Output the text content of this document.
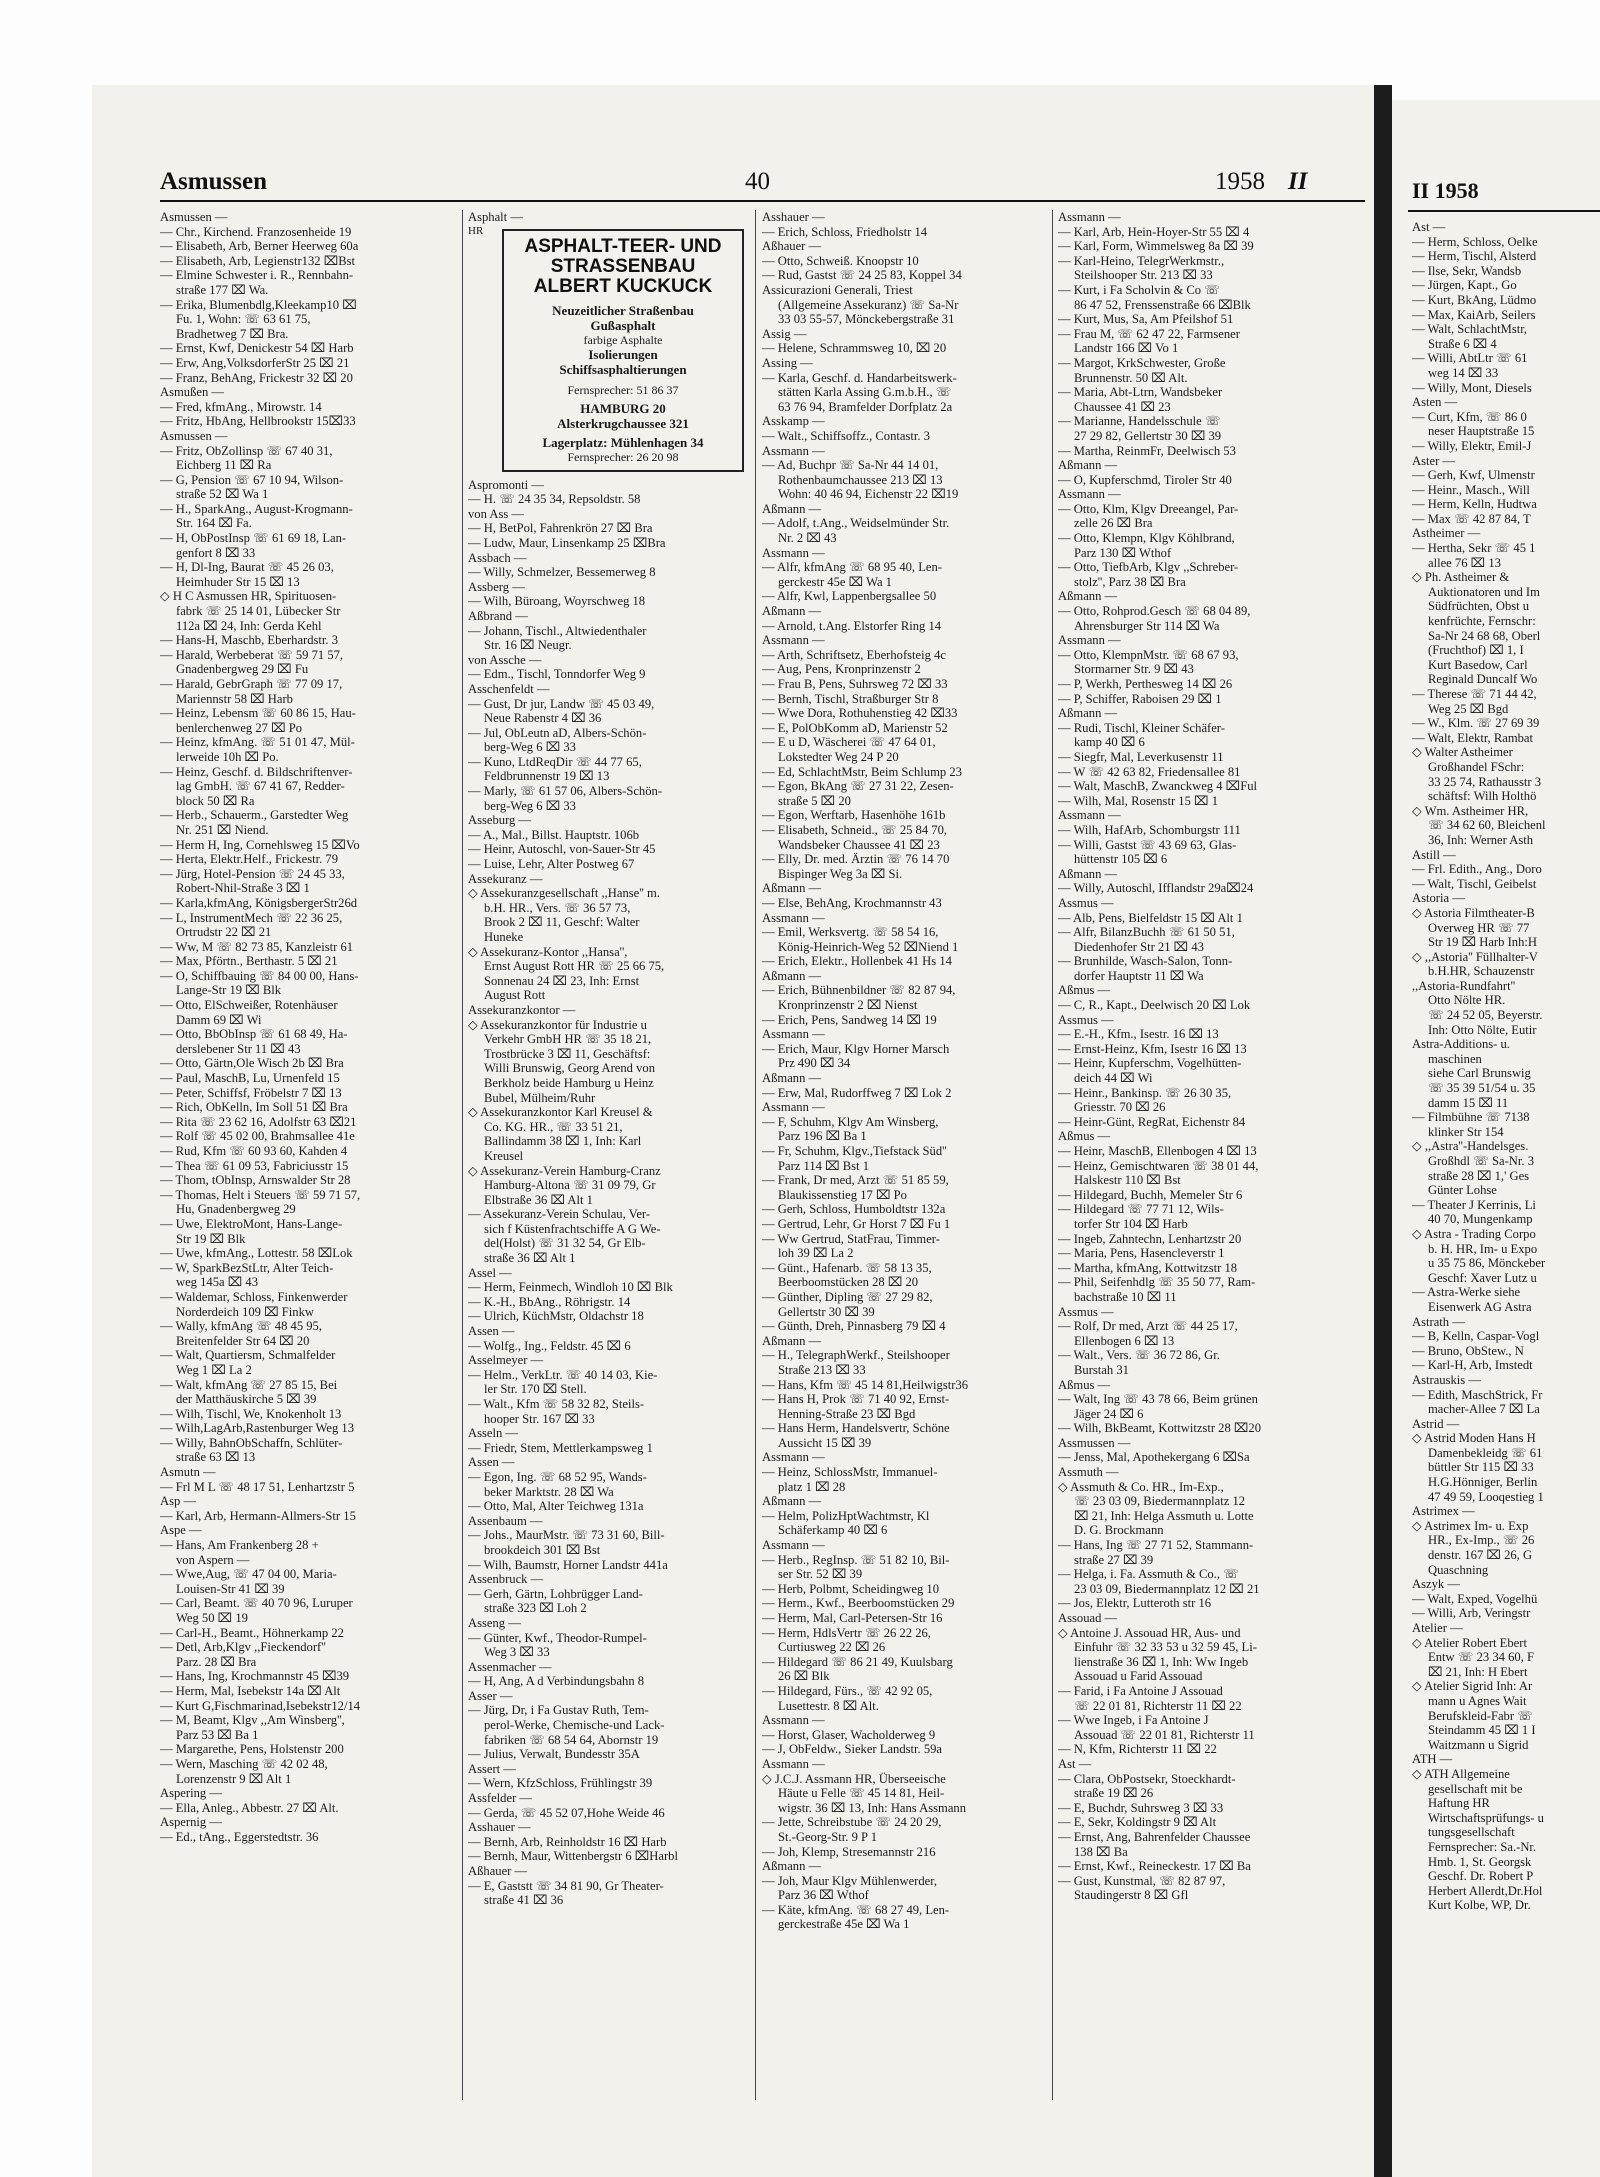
II 1958
Ast —
— Herm, Schloss, Oelke
— Herm, Tischl, Alsterd
— Ilse, Sekr, Wandsb
— Jürgen, Kapt., Go
— Kurt, BkAng, Lüdmo
— Max, KaiArb, Seilers
— Walt, SchlachtMstr,
Straße 6 ⌧ 4
— Willi, AbtLtr ☏ 61
weg 14 ⌧ 33
— Willy, Mont, Diesels
Asten —
— Curt, Kfm, ☏ 86 0
neser Hauptstraße 15
— Willy, Elektr, Emil-J
Aster —
— Gerh, Kwf, Ulmenstr
— Heinr., Masch., Will
— Herm, Kelln, Hudtwa
— Max ☏ 42 87 84, T
Astheimer —
— Hertha, Sekr ☏ 45 1
allee 76 ⌧ 13
◇ Ph. Astheimer &
Auktionatoren und Im
Südfrüchten, Obst u
kenfrüchte, Fernschr:
Sa-Nr 24 68 68, Oberl
(Fruchthof) ⌧ 1, I
Kurt Basedow, Carl
Reginald Duncalf Wo
— Therese ☏ 71 44 42,
Weg 25 ⌧ Bgd
— W., Klm. ☏ 27 69 39
— Walt, Elektr, Rambat
◇ Walter Astheimer
Großhandel FSchr:
33 25 74, Rathausstr 3
schäftsf: Wilh Holthö
◇ Wm. Astheimer HR,
☏ 34 62 60, Bleichenl
36, Inh: Werner Asth
Astill —
— Frl. Edith., Ang., Doro
— Walt, Tischl, Geibelst
Astoria —
◇ Astoria Filmtheater-B
Overweg HR ☏ 77
Str 19 ⌧ Harb Inh:H
◇ ,,Astoria'' Füllhalter-V
b.H.HR, Schauzenstr
,,Astoria-Rundfahrt''
Otto Nölte HR.
☏ 24 52 05, Beyerstr.
Inh: Otto Nölte, Eutir
Astra-Additions- u.
maschinen
siehe Carl Brunswig
☏ 35 39 51/54 u. 35
damm 15 ⌧ 11
— Filmbühne ☏ 7138
klinker Str 154
◇ ,,Astra''-Handelsges.
Großhdl ☏ Sa-Nr. 3
straße 28 ⌧ 1,' Ges
Günter Lohse
— Theater J Kerrinis, Li
40 70, Mungenkamp
◇ Astra - Trading Corpo
b. H. HR, Im- u Expo
u 35 75 86, Mönckeber
Geschf: Xaver Lutz u
— Astra-Werke siehe
Eisenwerk AG Astra
Astrath —
— B, Kelln, Caspar-Vogl
— Bruno, ObStew., N
— Karl-H, Arb, Imstedt
Astrauskis —
— Edith, MaschStrick, Fr
macher-Allee 7 ⌧ La
Astrid —
◇ Astrid Moden Hans H
Damenbekleidg ☏ 61
büttler Str 115 ⌧ 33
H.G.Hönniger, Berlin
47 49 59, Looqestieg 1
Astrimex —
◇ Astrimex Im- u. Exp
HR., Ex-Imp., ☏ 26
denstr. 167 ⌧ 26, G
Quaschning
Aszyk —
— Walt, Exped, Vogelhü
— Willi, Arb, Veringstr
Atelier —
◇ Atelier Robert Ebert
Entw ☏ 23 34 60, F
⌧ 21, Inh: H Ebert
◇ Atelier Sigrid Inh: Ar
mann u Agnes Wait
Berufskleid-Fabr ☏
Steindamm 45 ⌧ 1 I
Waitzmann u Sigrid
ATH —
◇ ATH Allgemeine
gesellschaft mit be
Haftung HR
Wirtschaftsprüfungs- u
tungsgesellschaft
Fernsprecher: Sa.-Nr.
Hmb. 1, St. Georgsk
Geschf. Dr. Robert P
Herbert Allerdt,Dr.Hol
Kurt Kolbe, WP, Dr.
Asmussen	40	1958 II
Asmussen —
— Chr., Kirchend. Franzosenheide 19
— Elisabeth, Arb, Berner Heerweg 60a
— Elisabeth, Arb, Legienstr132 ⌧Bst
— Elmine Schwester i. R., Rennbahn-
straße 177 ⌧ Wa.
— Erika, Blumenbdlg,Kleekamp10 ⌧
Fu. 1, Wohn: ☏ 63 61 75,
Bradhetweg 7 ⌧ Bra.
— Ernst, Kwf, Denickestr 54 ⌧ Harb
— Erw, Ang,VolksdorferStr 25 ⌧ 21
— Franz, BehAng, Frickestr 32 ⌧ 20
Asmußen —
— Fred, kfmAng., Mirowstr. 14
— Fritz, HbAng, Hellbrookstr 15⌧33
Asmussen —
— Fritz, ObZollinsp ☏ 67 40 31,
Eichberg 11 ⌧ Ra
— G, Pension ☏ 67 10 94, Wilson-
straße 52 ⌧ Wa 1
— H., SparkAng., August-Krogmann-
Str. 164 ⌧ Fa.
— H, ObPostInsp ☏ 61 69 18, Lan-
genfort 8 ⌧ 33
— H, Dl-Ing, Baurat ☏ 45 26 03,
Heimhuder Str 15 ⌧ 13
◇ H C Asmussen HR, Spirituosen-
fabrk ☏ 25 14 01, Lübecker Str
112a ⌧ 24, Inh: Gerda Kehl
— Hans-H, Maschb, Eberhardstr. 3
— Harald, Werbeberat ☏ 59 71 57,
Gnadenbergweg 29 ⌧ Fu
— Harald, GebrGraph ☏ 77 09 17,
Mariennstr 58 ⌧ Harb
— Heinz, Lebensm ☏ 60 86 15, Hau-
benlerchenweg 27 ⌧ Po
— Heinz, kfmAng. ☏ 51 01 47, Mül-
lerweide 10h ⌧ Po.
— Heinz, Geschf. d. Bildschriftenver-
lag GmbH. ☏ 67 41 67, Redder-
block 50 ⌧ Ra
— Herb., Schauerm., Garstedter Weg
Nr. 251 ⌧ Niend.
— Herm H, Ing, Cornehlsweg 15 ⌧Vo
— Herta, Elektr.Helf., Frickestr. 79
— Jürg, Hotel-Pension ☏ 24 45 33,
Robert-Nhil-Straße 3 ⌧ 1
— Karla,kfmAng, KönigsbergerStr26d
— L, InstrumentMech ☏ 22 36 25,
Ortrudstr 22 ⌧ 21
— Ww, M ☏ 82 73 85, Kanzleistr 61
— Max, Pförtn., Berthastr. 5 ⌧ 21
— O, Schiffbauing ☏ 84 00 00, Hans-
Lange-Str 19 ⌧ Blk
— Otto, ElSchweißer, Rotenhäuser
Damm 69 ⌧ Wi
— Otto, BbObInsp ☏ 61 68 49, Ha-
derslebener Str 11 ⌧ 43
— Otto, Gärtn,Ole Wisch 2b ⌧ Bra
— Paul, MaschB, Lu, Urnenfeld 15
— Peter, Schiffsf, Fröbelstr 7 ⌧ 13
— Rich, ObKelln, Im Soll 51 ⌧ Bra
— Rita ☏ 23 62 16, Adolfstr 63 ⌧21
— Rolf ☏ 45 02 00, Brahmsallee 41e
— Rud, Kfm ☏ 60 93 60, Kahden 4
— Thea ☏ 61 09 53, Fabriciusstr 15
— Thom, tObInsp, Arnswalder Str 28
— Thomas, Helt i Steuers ☏ 59 71 57,
Hu, Gnadenbergweg 29
— Uwe, ElektroMont, Hans-Lange-
Str 19 ⌧ Blk
— Uwe, kfmAng., Lottestr. 58 ⌧Lok
— W, SparkBezStLtr, Alter Teich-
weg 145a ⌧ 43
— Waldemar, Schloss, Finkenwerder
Norderdeich 109 ⌧ Finkw
— Wally, kfmAng ☏ 48 45 95,
Breitenfelder Str 64 ⌧ 20
— Walt, Quartiersm, Schmalfelder
Weg 1 ⌧ La 2
— Walt, kfmAng ☏ 27 85 15, Bei
der Matthäuskirche 5 ⌧ 39
— Wilh, Tischl, We, Knokenholt 13
— Wilh,LagArb,Rastenburger Weg 13
— Willy, BahnObSchaffn, Schlüter-
straße 63 ⌧ 13
Asmutn —
— Frl M L ☏ 48 17 51, Lenhartzstr 5
Asp —
— Karl, Arb, Hermann-Allmers-Str 15
Aspe —
— Hans, Am Frankenberg 28 +
von Aspern —
— Wwe,Aug, ☏ 47 04 00, Maria-
Louisen-Str 41 ⌧ 39
— Carl, Beamt. ☏ 40 70 96, Luruper
Weg 50 ⌧ 19
— Carl-H., Beamt., Höhnerkamp 22
— Detl, Arb,Klgv ,,Fieckendorf''
Parz. 28 ⌧ Bra
— Hans, Ing, Krochmannstr 45 ⌧39
— Herm, Mal, Isebekstr 14a ⌧ Alt
— Kurt G,Fischmarinad,Isebekstr12/14
— M, Beamt, Klgv ,,Am Winsberg'',
Parz 53 ⌧ Ba 1
— Margarethe, Pens, Holstenstr 200
— Wern, Masching ☏ 42 02 48,
Lorenzenstr 9 ⌧ Alt 1
Aspering —
— Ella, Anleg., Abbestr. 27 ⌧ Alt.
Aspernig —
— Ed., tAng., Eggerstedtstr. 36
Asphalt —
HR
ASPHALT-TEER- UND
STRASSENBAU
ALBERT KUCKUCK
Neuzeitlicher Straßenbau
Gußasphalt
farbige Asphalte
Isolierungen
Schiffsasphaltierungen
Fernsprecher: 51 86 37
HAMBURG 20
Alsterkrugchaussee 321
Lagerplatz: Mühlenhagen 34
Fernsprecher: 26 20 98
Aspromonti —
— H. ☏ 24 35 34, Repsoldstr. 58
von Ass —
— H, BetPol, Fahrenkrön 27 ⌧ Bra
— Ludw, Maur, Linsenkamp 25 ⌧Bra
Assbach —
— Willy, Schmelzer, Bessemerweg 8
Assberg —
— Wilh, Büroang, Woyrschweg 18
Aßbrand —
— Johann, Tischl., Altwiedenthaler
Str. 16 ⌧ Neugr.
von Assche —
— Edm., Tischl, Tonndorfer Weg 9
Asschenfeldt —
— Gust, Dr jur, Landw ☏ 45 03 49,
Neue Rabenstr 4 ⌧ 36
— Jul, ObLeutn aD, Albers-Schön-
berg-Weg 6 ⌧ 33
— Kuno, LtdReqDir ☏ 44 77 65,
Feldbrunnenstr 19 ⌧ 13
— Marly, ☏ 61 57 06, Albers-Schön-
berg-Weg 6 ⌧ 33
Asseburg —
— A., Mal., Billst. Hauptstr. 106b
— Heinr, Autoschl, von-Sauer-Str 45
— Luise, Lehr, Alter Postweg 67
Assekuranz —
◇ Assekuranzgesellschaft ,,Hanse'' m.
b.H. HR., Vers. ☏ 36 57 73,
Brook 2 ⌧ 11, Geschf: Walter
Huneke
◇ Assekuranz-Kontor ,,Hansa'',
Ernst August Rott HR ☏ 25 66 75,
Sonnenau 24 ⌧ 23, Inh: Ernst
August Rott
Assekuranzkontor —
◇ Assekuranzkontor für Industrie u
Verkehr GmbH HR ☏ 35 18 21,
Trostbrücke 3 ⌧ 11, Geschäftsf:
Willi Brunswig, Georg Arend von
Berkholz beide Hamburg u Heinz
Bubel, Mülheim/Ruhr
◇ Assekuranzkontor Karl Kreusel &
Co. KG. HR., ☏ 33 51 21,
Ballindamm 38 ⌧ 1, Inh: Karl
Kreusel
◇ Assekuranz-Verein Hamburg-Cranz
Hamburg-Altona ☏ 31 09 79, Gr
Elbstraße 36 ⌧ Alt 1
— Assekuranz-Verein Schulau, Ver-
sich f Küstenfrachtschiffe A G We-
del(Holst) ☏ 31 32 54, Gr Elb-
straße 36 ⌧ Alt 1
Assel —
— Herm, Feinmech, Windloh 10 ⌧ Blk
— K.-H., BbAng., Röhrigstr. 14
— Ulrich, KüchMstr, Oldachstr 18
Assen —
— Wolfg., Ing., Feldstr. 45 ⌧ 6
Asselmeyer —
— Helm., VerkLtr. ☏ 40 14 03, Kie-
ler Str. 170 ⌧ Stell.
— Walt., Kfm ☏ 58 32 82, Steils-
hooper Str. 167 ⌧ 33
Asseln —
— Friedr, Stem, Mettlerkampsweg 1
Assen —
— Egon, Ing. ☏ 68 52 95, Wands-
beker Marktstr. 28 ⌧ Wa
— Otto, Mal, Alter Teichweg 131a
Assenbaum —
— Johs., MaurMstr. ☏ 73 31 60, Bill-
brookdeich 301 ⌧ Bst
— Wilh, Baumstr, Horner Landstr 441a
Assenbruck —
— Gerh, Gärtn, Lohbrügger Land-
straße 323 ⌧ Loh 2
Asseng —
— Günter, Kwf., Theodor-Rumpel-
Weg 3 ⌧ 33
Assenmacher —
— H, Ang, A d Verbindungsbahn 8
Asser —
— Jürg, Dr, i Fa Gustav Ruth, Tem-
perol-Werke, Chemische-und Lack-
fabriken ☏ 68 54 64, Abornstr 19
— Julius, Verwalt, Bundesstr 35A
Assert —
— Wern, KfzSchloss, Frühlingstr 39
Assfelder —
— Gerda, ☏ 45 52 07,Hohe Weide 46
Asshauer —
— Bernh, Arb, Reinholdstr 16 ⌧ Harb
— Bernh, Maur, Wittenbergstr 6 ⌧Harbl
Aßhauer —
— E, Gaststt ☏ 34 81 90, Gr Theater-
straße 41 ⌧ 36
Asshauer —
— Erich, Schloss, Friedholstr 14
Aßhauer —
— Otto, Schweiß. Knoopstr 10
— Rud, Gastst ☏ 24 25 83, Koppel 34
Assicurazioni Generali, Triest
(Allgemeine Assekuranz) ☏ Sa-Nr
33 03 55-57, Mönckebergstraße 31
Assig —
— Helene, Schrammsweg 10, ⌧ 20
Assing —
— Karla, Geschf. d. Handarbeitswerk-
stätten Karla Assing G.m.b.H., ☏
63 76 94, Bramfelder Dorfplatz 2a
Asskamp —
— Walt., Schiffsoffz., Contastr. 3
Assmann —
— Ad, Buchpr ☏ Sa-Nr 44 14 01,
Rothenbaumchaussee 213 ⌧ 13
Wohn: 40 46 94, Eichenstr 22 ⌧19
Aßmann —
— Adolf, t.Ang., Weidselmünder Str.
Nr. 2 ⌧ 43
Assmann —
— Alfr, kfmAng ☏ 68 95 40, Len-
gerckestr 45e ⌧ Wa 1
— Alfr, Kwl, Lappenbergsallee 50
Aßmann —
— Arnold, t.Ang. Elstorfer Ring 14
Assmann —
— Arth, Schriftsetz, Eberhofsteig 4c
— Aug, Pens, Kronprinzenstr 2
— Frau B, Pens, Suhrsweg 72 ⌧ 33
— Bernh, Tischl, Straßburger Str 8
— Wwe Dora, Rothuhenstieg 42 ⌧33
— E, PolObKomm aD, Marienstr 52
— E u D, Wäscherei ☏ 47 64 01,
Lokstedter Weg 24 P 20
— Ed, SchlachtMstr, Beim Schlump 23
— Egon, BkAng ☏ 27 31 22, Zesen-
straße 5 ⌧ 20
— Egon, Werftarb, Hasenhöhe 161b
— Elisabeth, Schneid., ☏ 25 84 70,
Wandsbeker Chaussee 41 ⌧ 23
— Elly, Dr. med. Ärztin ☏ 76 14 70
Bispinger Weg 3a ⌧ Si.
Aßmann —
— Else, BehAng, Krochmannstr 43
Assmann —
— Emil, Werksvertg. ☏ 58 54 16,
König-Heinrich-Weg 52 ⌧Niend 1
— Erich, Elektr., Hollenbek 41 Hs 14
Aßmann —
— Erich, Bühnenbildner ☏ 82 87 94,
Kronprinzenstr 2 ⌧ Nienst
— Erich, Pens, Sandweg 14 ⌧ 19
Assmann —
— Erich, Maur, Klgv Horner Marsch
Prz 490 ⌧ 34
Aßmann —
— Erw, Mal, Rudorffweg 7 ⌧ Lok 2
Assmann —
— F, Schuhm, Klgv Am Winsberg,
Parz 196 ⌧ Ba 1
— Fr, Schuhm, Klgv.,Tiefstack Süd''
Parz 114 ⌧ Bst 1
— Frank, Dr med, Arzt ☏ 51 85 59,
Blaukissenstieg 17 ⌧ Po
— Gerh, Schloss, Humboldtstr 132a
— Gertrud, Lehr, Gr Horst 7 ⌧ Fu 1
— Ww Gertrud, StatFrau, Timmer-
loh 39 ⌧ La 2
— Günt., Hafenarb. ☏ 58 13 35,
Beerboomstücken 28 ⌧ 20
— Günther, Dipling ☏ 27 29 82,
Gellertstr 30 ⌧ 39
— Günth, Dreh, Pinnasberg 79 ⌧ 4
Aßmann —
— H., TelegraphWerkf., Steilshooper
Straße 213 ⌧ 33
— Hans, Kfm ☏ 45 14 81,Heilwigstr36
— Hans H, Prok ☏ 71 40 92, Ernst-
Henning-Straße 23 ⌧ Bgd
— Hans Herm, Handelsvertr, Schöne
Aussicht 15 ⌧ 39
Assmann —
— Heinz, SchlossMstr, Immanuel-
platz 1 ⌧ 28
Aßmann —
— Helm, PolizHptWachtmstr, Kl
Schäferkamp 40 ⌧ 6
Assmann —
— Herb., RegInsp. ☏ 51 82 10, Bil-
ser Str. 52 ⌧ 39
— Herb, Polbmt, Scheidingweg 10
— Herm., Kwf., Beerboomstücken 29
— Herm, Mal, Carl-Petersen-Str 16
— Herm, HdlsVertr ☏ 26 22 26,
Curtiusweg 22 ⌧ 26
— Hildegard ☏ 86 21 49, Kuulsbarg
26 ⌧ Blk
— Hildegard, Fürs., ☏ 42 92 05,
Lusettestr. 8 ⌧ Alt.
Assmann —
— Horst, Glaser, Wacholderweg 9
— J, ObFeldw., Sieker Landstr. 59a
Assmann —
◇ J.C.J. Assmann HR, Überseeische
Häute u Felle ☏ 45 14 81, Heil-
wigstr. 36 ⌧ 13, Inh: Hans Assmann
— Jette, Schreibstube ☏ 24 20 29,
St.-Georg-Str. 9 P 1
— Joh, Klemp, Stresemannstr 216
Aßmann —
— Joh, Maur Klgv Mühlenwerder,
Parz 36 ⌧ Wthof
— Käte, kfmAng. ☏ 68 27 49, Len-
gerckestraße 45e ⌧ Wa 1
Assmann —
— Karl, Arb, Hein-Hoyer-Str 55 ⌧ 4
— Karl, Form, Wimmelsweg 8a ⌧ 39
— Karl-Heino, TelegrWerkmstr.,
Steilshooper Str. 213 ⌧ 33
— Kurt, i Fa Scholvin & Co ☏
86 47 52, Frenssenstraße 66 ⌧Blk
— Kurt, Mus, Sa, Am Pfeilshof 51
— Frau M, ☏ 62 47 22, Farmsener
Landstr 166 ⌧ Vo 1
— Margot, KrkSchwester, Große
Brunnenstr. 50 ⌧ Alt.
— Maria, Abt-Ltrn, Wandsbeker
Chaussee 41 ⌧ 23
— Marianne, Handelsschule ☏
27 29 82, Gellertstr 30 ⌧ 39
— Martha, ReinmFr, Deelwisch 53
Aßmann —
— O, Kupferschmd, Tiroler Str 40
Assmann —
— Otto, Klm, Klgv Dreeangel, Par-
zelle 26 ⌧ Bra
— Otto, Klempn, Klgv Köhlbrand,
Parz 130 ⌧ Wthof
— Otto, TiefbArb, Klgv ,,Schreber-
stolz'', Parz 38 ⌧ Bra
Aßmann —
— Otto, Rohprod.Gesch ☏ 68 04 89,
Ahrensburger Str 114 ⌧ Wa
Assmann —
— Otto, KlempnMstr. ☏ 68 67 93,
Stormarner Str. 9 ⌧ 43
— P, Werkh, Perthesweg 14 ⌧ 26
— P, Schiffer, Raboisen 29 ⌧ 1
Aßmann —
— Rudi, Tischl, Kleiner Schäfer-
kamp 40 ⌧ 6
— Siegfr, Mal, Leverkusenstr 11
— W ☏ 42 63 82, Friedensallee 81
— Walt, MaschB, Zwanckweg 4 ⌧Ful
— Wilh, Mal, Rosenstr 15 ⌧ 1
Assmann —
— Wilh, HafArb, Schomburgstr 111
— Willi, Gastst ☏ 43 69 63, Glas-
hüttenstr 105 ⌧ 6
Aßmann —
— Willy, Autoschl, Ifflandstr 29a⌧24
Assmus —
— Alb, Pens, Bielfeldstr 15 ⌧ Alt 1
— Alfr, BilanzBuchh ☏ 61 50 51,
Diedenhofer Str 21 ⌧ 43
— Brunhilde, Wasch-Salon, Tonn-
dorfer Hauptstr 11 ⌧ Wa
Aßmus —
— C, R., Kapt., Deelwisch 20 ⌧ Lok
Assmus —
— E.-H., Kfm., Isestr. 16 ⌧ 13
— Ernst-Heinz, Kfm, Isestr 16 ⌧ 13
— Heinr, Kupferschm, Vogelhütten-
deich 44 ⌧ Wi
— Heinr., Bankinsp. ☏ 26 30 35,
Griesstr. 70 ⌧ 26
— Heinr-Günt, RegRat, Eichenstr 84
Aßmus —
— Heinr, MaschB, Ellenbogen 4 ⌧ 13
— Heinz, Gemischtwaren ☏ 38 01 44,
Halskestr 110 ⌧ Bst
— Hildegard, Buchh, Memeler Str 6
— Hildegard ☏ 77 71 12, Wils-
torfer Str 104 ⌧ Harb
— Ingeb, Zahntechn, Lenhartzstr 20
— Maria, Pens, Hasencleverstr 1
— Martha, kfmAng, Kottwitzstr 18
— Phil, Seifenhdlg ☏ 35 50 77, Ram-
bachstraße 10 ⌧ 11
Assmus —
— Rolf, Dr med, Arzt ☏ 44 25 17,
Ellenbogen 6 ⌧ 13
— Walt., Vers. ☏ 36 72 86, Gr.
Burstah 31
Aßmus —
— Walt, Ing ☏ 43 78 66, Beim grünen
Jäger 24 ⌧ 6
— Wilh, BkBeamt, Kottwitzstr 28 ⌧20
Assmussen —
— Jenss, Mal, Apothekergang 6 ⌧Sa
Assmuth —
◇ Assmuth & Co. HR., Im-Exp.,
☏ 23 03 09, Biedermannplatz 12
⌧ 21, Inh: Helga Assmuth u. Lotte
D. G. Brockmann
— Hans, Ing ☏ 27 71 52, Stammann-
straße 27 ⌧ 39
— Helga, i. Fa. Assmuth & Co., ☏
23 03 09, Biedermannplatz 12 ⌧ 21
— Jos, Elektr, Lutteroth str 16
Assouad —
◇ Antoine J. Assouad HR, Aus- und
Einfuhr ☏ 32 33 53 u 32 59 45, Li-
lienstraße 36 ⌧ 1, Inh: Ww Ingeb
Assouad u Farid Assouad
— Farid, i Fa Antoine J Assouad
☏ 22 01 81, Richterstr 11 ⌧ 22
— Wwe Ingeb, i Fa Antoine J
Assouad ☏ 22 01 81, Richterstr 11
— N, Kfm, Richterstr 11 ⌧ 22
Ast —
— Clara, ObPostsekr, Stoeckhardt-
straße 19 ⌧ 26
— E, Buchdr, Suhrsweg 3 ⌧ 33
— E, Sekr, Koldingstr 9 ⌧ Alt
— Ernst, Ang, Bahrenfelder Chaussee
138 ⌧ Ba
— Ernst, Kwf., Reineckestr. 17 ⌧ Ba
— Gust, Kunstmal, ☏ 82 87 97,
Staudingerstr 8 ⌧ Gfl
